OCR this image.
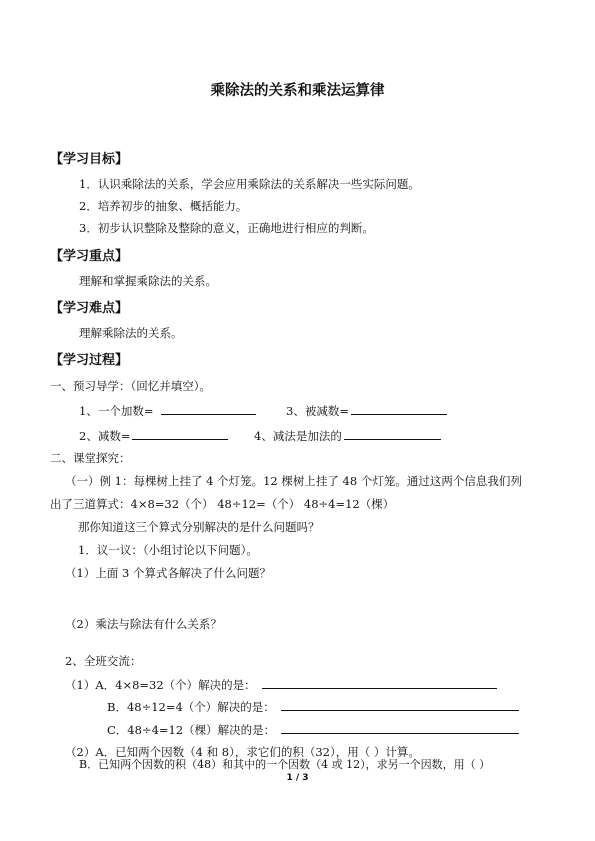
乘除法的关系和乘法运算律
【学习目标】
1．认识乘除法的关系，学会应用乘除法的关系解决一些实际问题。
2．培养初步的抽象、概括能力。
3．初步认识整除及整除的意义，正确地进行相应的判断。
【学习重点】
理解和掌握乘除法的关系。
【学习难点】
理解乘除法的关系。
【学习过程】
一、预习导学：（回忆并填空）。
1、一个加数=	3、被减数=
2、减数=	4、减法是加法的
二、课堂探究：
（一）例 1：每棵树上挂了 4 个灯笼。12 棵树上挂了 48 个灯笼。通过这两个信息我们列
出了三道算式：4×8=32（个） 48÷12=（个） 48÷4=12（棵）
那你知道这三个算式分别解决的是什么问题吗？
1．议一议：（小组讨论以下问题）。
（1）上面 3 个算式各解决了什么问题？
（2）乘法与除法有什么关系？
2、全班交流：
（1）A．4×8=32（个）解决的是：
B．48÷12=4（个）解决的是：
C．48÷4=12（棵）解决的是：
（2）A．已知两个因数（4 和 8），求它们的积（32），用（ ）计算。
B．已知两个因数的积（48）和其中的一个因数（4 或 12），求另一个因数，用（ ）
1 / 3
